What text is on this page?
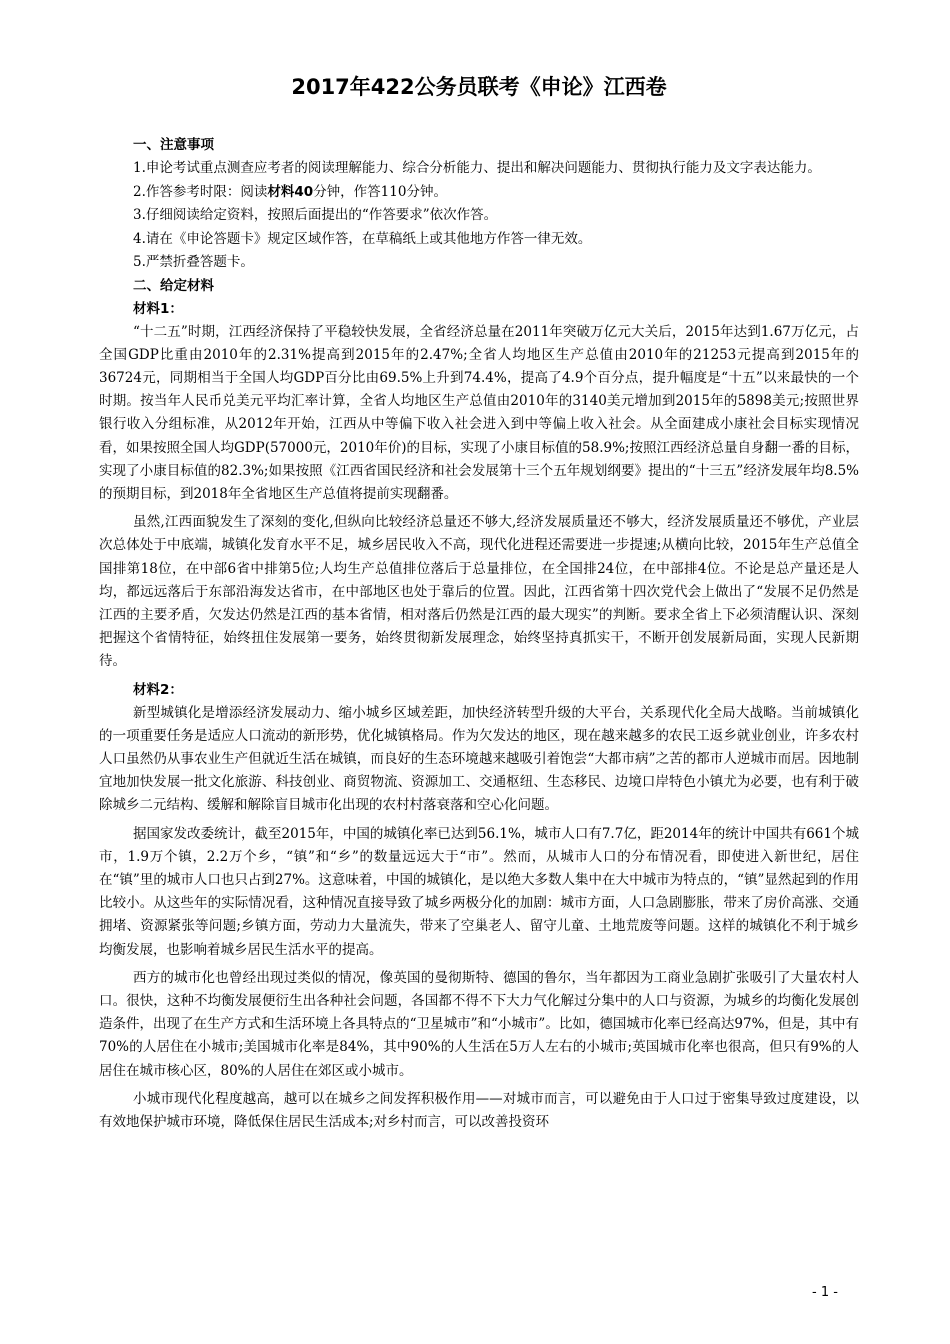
2017年422公务员联考《申论》江西卷
一、注意事项

1.申论考试重点测查应考者的阅读理解能力、综合分析能力、提出和解决问题能力、贯彻执行能力及文字表达能力。

2.作答参考时限：阅读材料40分钟，作答110分钟。

3.仔细阅读给定资料，按照后面提出的“作答要求”依次作答。

4.请在《申论答题卡》规定区域作答，在草稿纸上或其他地方作答一律无效。

5.严禁折叠答题卡。

二、给定材料
材料1：

“十二五”时期，江西经济保持了平稳较快发展，全省经济总量在2011年突破万亿元大关后，2015年达到1.67万亿元，占全国GDP比重由2010年的2.31%提高到2015年的2.47%;全省人均地区生产总值由2010年的21253元提高到2015年的36724元，同期相当于全国人均GDP百分比由69.5%上升到74.4%，提高了4.9个百分点，提升幅度是“十五”以来最快的一个时期。按当年人民币兑美元平均汇率计算，全省人均地区生产总值由2010年的3140美元增加到2015年的5898美元;按照世界银行收入分组标准，从2012年开始，江西从中等偏下收入社会进入到中等偏上收入社会。从全面建成小康社会目标实现情况看，如果按照全国人均GDP(57000元，2010年价)的目标，实现了小康目标值的58.9%;按照江西经济总量自身翻一番的目标，实现了小康目标值的82.3%;如果按照《江西省国民经济和社会发展第十三个五年规划纲要》提出的“十三五”经济发展年均8.5%的预期目标，到2018年全省地区生产总值将提前实现翻番。

虽然,江西面貌发生了深刻的变化,但纵向比较经济总量还不够大,经济发展质量还不够大，经济发展质量还不够优，产业层次总体处于中底端，城镇化发育水平不足，城乡居民收入不高，现代化进程还需要进一步提速;从横向比较，2015年生产总值全国排第18位，在中部6省中排第5位;人均生产总值排位落后于总量排位，在全国排24位，在中部排4位。不论是总产量还是人均，都远远落后于东部沿海发达省市，在中部地区也处于靠后的位置。因此，江西省第十四次党代会上做出了“发展不足仍然是江西的主要矛盾，欠发达仍然是江西的基本省情，相对落后仍然是江西的最大现实”的判断。要求全省上下必须清醒认识、深刻把握这个省情特征，始终扭住发展第一要务，始终贯彻新发展理念，始终坚持真抓实干，不断开创发展新局面，实现人民新期待。

材料2：

新型城镇化是增添经济发展动力、缩小城乡区域差距，加快经济转型升级的大平台，关系现代化全局大战略。当前城镇化的一项重要任务是适应人口流动的新形势，优化城镇格局。作为欠发达的地区，现在越来越多的农民工返乡就业创业，许多农村人口虽然仍从事农业生产但就近生活在城镇，而良好的生态环境越来越吸引着饱尝“大都市病”之苦的都市人逆城市而居。因地制宜地加快发展一批文化旅游、科技创业、商贸物流、资源加工、交通枢纽、生态移民、边境口岸特色小镇尤为必要，也有利于破除城乡二元结构、缓解和解除盲目城市化出现的农村村落衰落和空心化问题。

据国家发改委统计，截至2015年，中国的城镇化率已达到56.1%，城市人口有7.7亿，距2014年的统计中国共有661个城市，1.9万个镇，2.2万个乡，“镇”和“乡”的数量远远大于“市”。然而，从城市人口的分布情况看，即使进入新世纪，居住在“镇”里的城市人口也只占到27%。这意味着，中国的城镇化，是以绝大多数人集中在大中城市为特点的，“镇”显然起到的作用比较小。从这些年的实际情况看，这种情况直接导致了城乡两极分化的加剧：城市方面，人口急剧膨胀，带来了房价高涨、交通拥堵、资源紧张等问题;乡镇方面，劳动力大量流失，带来了空巢老人、留守儿童、土地荒废等问题。这样的城镇化不利于城乡均衡发展，也影响着城乡居民生活水平的提高。

西方的城市化也曾经出现过类似的情况，像英国的曼彻斯特、德国的鲁尔，当年都因为工商业急剧扩张吸引了大量农村人口。很快，这种不均衡发展便衍生出各种社会问题，各国都不得不下大力气化解过分集中的人口与资源，为城乡的均衡化发展创造条件，出现了在生产方式和生活环境上各具特点的“卫星城市”和“小城市”。比如，德国城市化率已经高达97%，但是，其中有70%的人居住在小城市;美国城市化率是84%，其中90%的人生活在5万人左右的小城市;英国城市化率也很高，但只有9%的人居住在城市核心区，80%的人居住在郊区或小城市。

小城市现代化程度越高，越可以在城乡之间发挥积极作用——对城市而言，可以避免由于人口过于密集导致过度建设，以有效地保护城市环境，降低保住居民生活成本;对乡村而言，可以改善投资环

- 1 -
